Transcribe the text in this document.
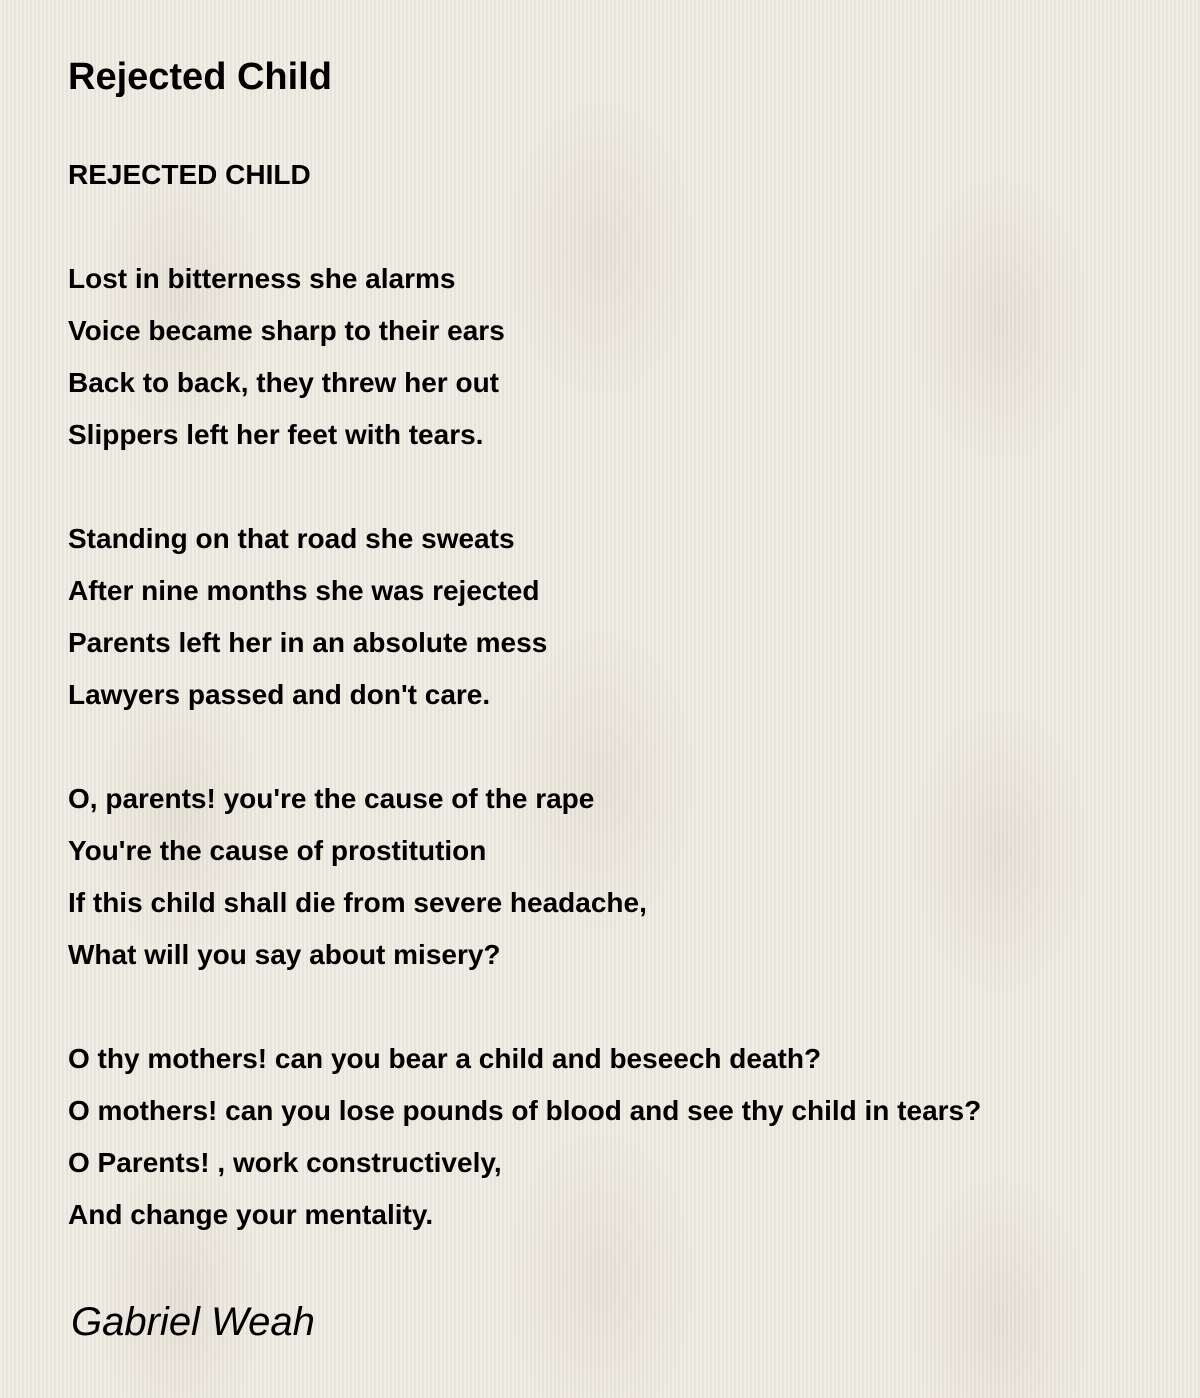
Rejected Child
REJECTED CHILD
Lost in bitterness she alarms
Voice became sharp to their ears
Back to back, they threw her out
Slippers left her feet with tears.
Standing on that road she sweats
After nine months she was rejected
Parents left her in an absolute mess
Lawyers passed and don't care.
O, parents! you're the cause of the rape
You're the cause of prostitution
If this child shall die from severe headache,
What will you say about misery?
O thy mothers! can you bear a child and beseech death?
O mothers! can you lose pounds of blood and see thy child in tears?
O Parents! , work constructively,
And change your mentality.
Gabriel Weah
